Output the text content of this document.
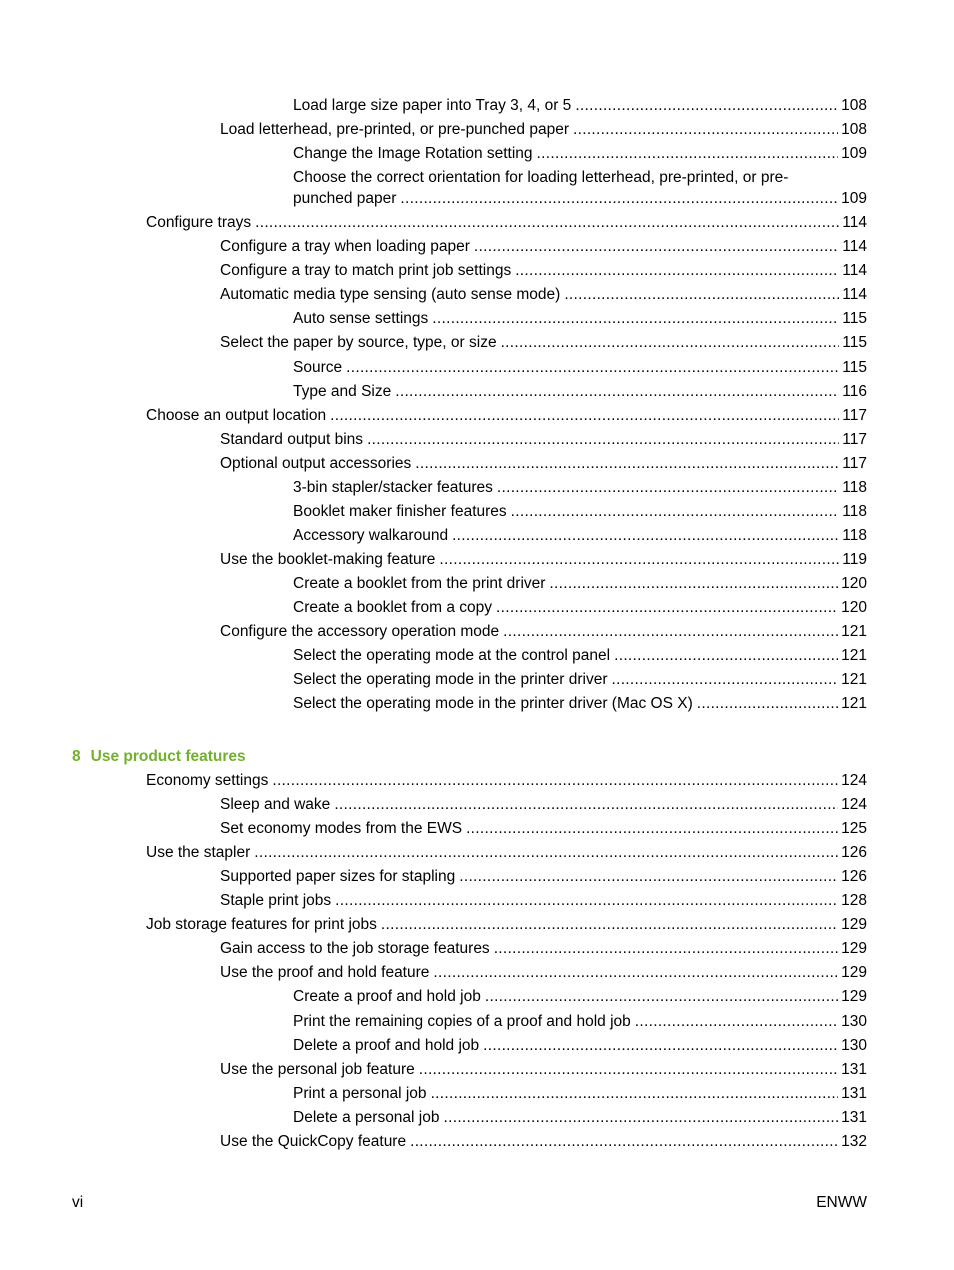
Load large size paper into Tray 3, 4, or 5 .....	108
Load letterhead, pre-printed, or pre-punched paper .....	108
Change the Image Rotation setting .....	109
Choose the correct orientation for loading letterhead, pre-printed, or pre-
punched paper .....	109
Configure trays .....	114
Configure a tray when loading paper .....	114
Configure a tray to match print job settings .....	114
Automatic media type sensing (auto sense mode) .....	114
Auto sense settings .....	115
Select the paper by source, type, or size .....	115
Source .....	115
Type and Size .....	116
Choose an output location .....	117
Standard output bins .....	117
Optional output accessories .....	117
3-bin stapler/stacker features .....	118
Booklet maker finisher features .....	118
Accessory walkaround .....	118
Use the booklet-making feature .....	119
Create a booklet from the print driver .....	120
Create a booklet from a copy .....	120
Configure the accessory operation mode .....	121
Select the operating mode at the control panel .....	121
Select the operating mode in the printer driver .....	121
Select the operating mode in the printer driver (Mac OS X) .....	121
Economy settings .....	124
Sleep and wake .....	124
Set economy modes from the EWS .....	125
Use the stapler .....	126
Supported paper sizes for stapling .....	126
Staple print jobs .....	128
Job storage features for print jobs .....	129
Gain access to the job storage features .....	129
Use the proof and hold feature .....	129
Create a proof and hold job .....	129
Print the remaining copies of a proof and hold job .....	130
Delete a proof and hold job .....	130
Use the personal job feature .....	131
Print a personal job .....	131
Delete a personal job .....	131
Use the QuickCopy feature .....	132
8 Use product features
vi	ENWW
